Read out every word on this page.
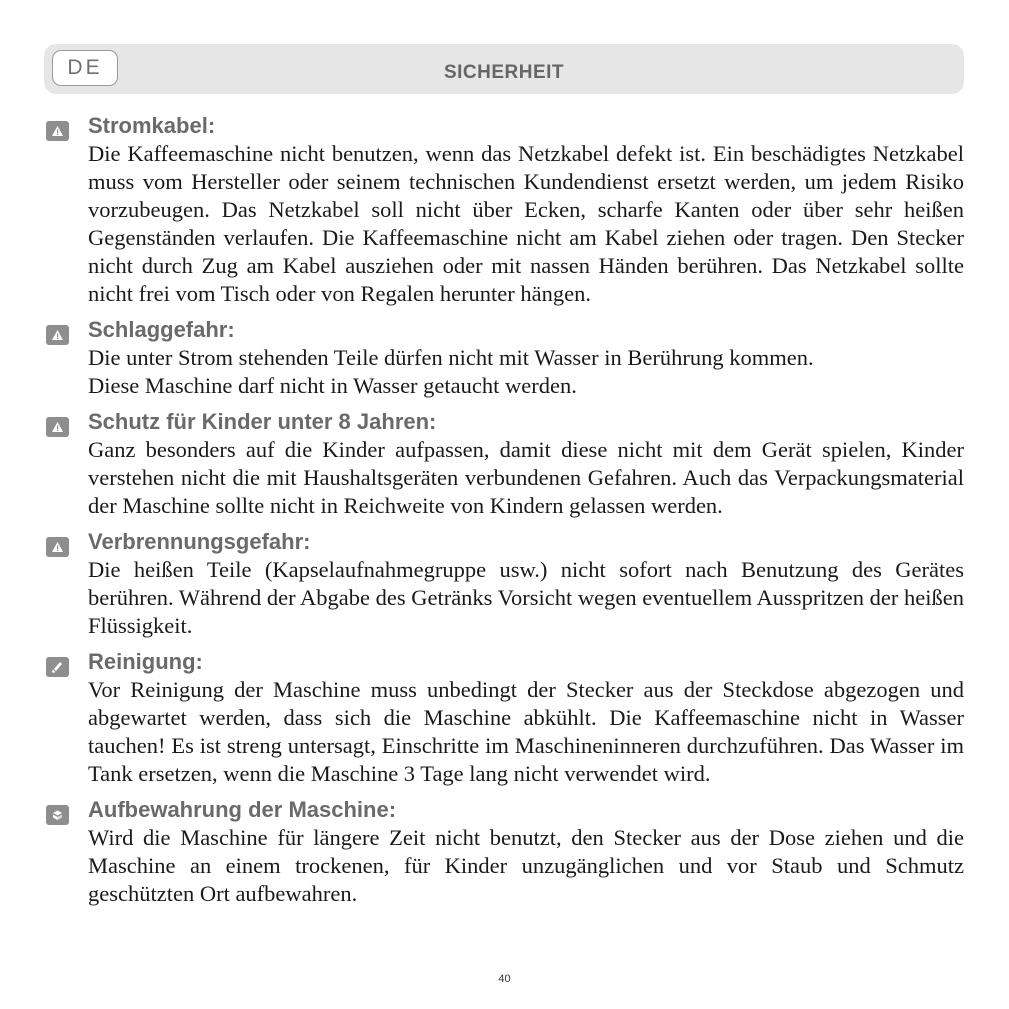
DE	SICHERHEIT

Stromkabel:

Die Kaffeemaschine nicht benutzen, wenn das Netzkabel defekt ist. Ein beschädigtes Netzkabel muss vom Hersteller oder seinem technischen Kundendienst ersetzt werden, um jedem Risiko vorzubeugen. Das Netzkabel soll nicht über Ecken, scharfe Kanten oder über sehr heißen Gegenständen verlaufen. Die Kaffeemaschine nicht am Kabel ziehen oder tragen. Den Stecker nicht durch Zug am Kabel ausziehen oder mit nassen Händen berühren. Das Netzkabel sollte nicht frei vom Tisch oder von Regalen herunter hängen.

Schlaggefahr:

Die unter Strom stehenden Teile dürfen nicht mit Wasser in Berührung kommen.
Diese Maschine darf nicht in Wasser getaucht werden.

Schutz für Kinder unter 8 Jahren:

Ganz besonders auf die Kinder aufpassen, damit diese nicht mit dem Gerät spielen, Kinder verstehen nicht die mit Haushaltsgeräten verbundenen Gefahren. Auch das Verpackungsmaterial der Maschine sollte nicht in Reichweite von Kindern gelassen werden.

Verbrennungsgefahr:

Die heißen Teile (Kapselaufnahmegruppe usw.) nicht sofort nach Benutzung des Gerätes berühren. Während der Abgabe des Getränks Vorsicht wegen eventuellem Ausspritzen der heißen Flüssigkeit.

Reinigung:

Vor Reinigung der Maschine muss unbedingt der Stecker aus der Steckdose abgezogen und abgewartet werden, dass sich die Maschine abkühlt. Die Kaffeemaschine nicht in Wasser tauchen! Es ist streng untersagt, Einschritte im Maschineninneren durchzuführen. Das Wasser im Tank ersetzen, wenn die Maschine 3 Tage lang nicht verwendet wird.

Aufbewahrung der Maschine:

Wird die Maschine für längere Zeit nicht benutzt, den Stecker aus der Dose ziehen und die Maschine an einem trockenen, für Kinder unzugänglichen und vor Staub und Schmutz geschützten Ort aufbewahren.

40
